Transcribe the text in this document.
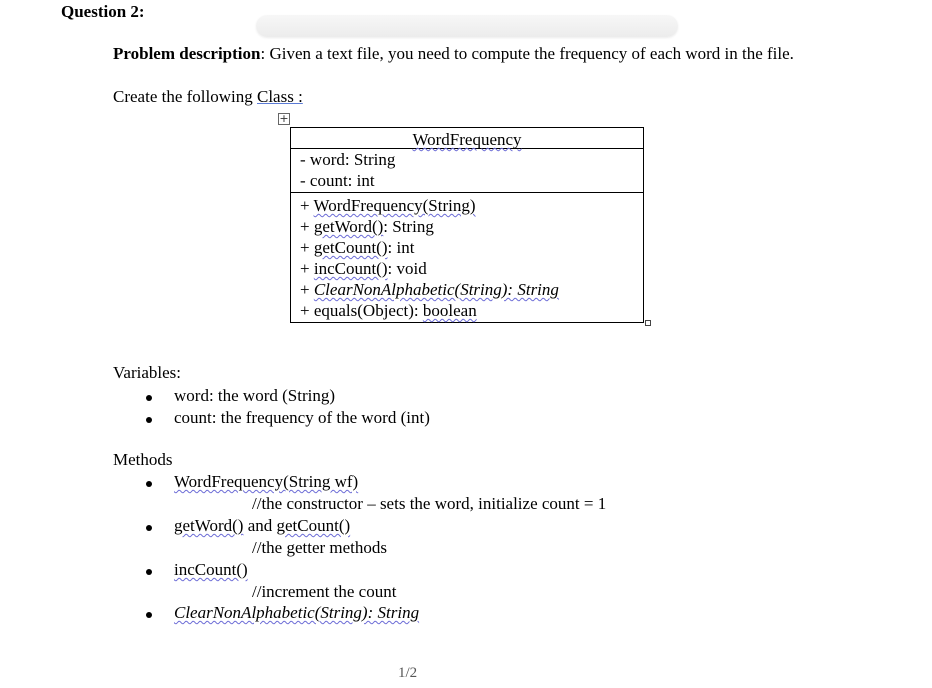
Question 2:
Problem description: Given a text file, you need to compute the frequency of each word in the file.
Create the following Class :
+
WordFrequency
- word: String
- count: int
+ WordFrequency(String)
+ getWord(): String
+ getCount(): int
+ incCount(): void
+ ClearNonAlphabetic(String): String
+ equals(Object): boolean
Variables:
word: the word (String)
count: the frequency of the word (int)
Methods
WordFrequency(String wf)
//the constructor – sets the word, initialize count = 1
getWord() and getCount()
//the getter methods
incCount()
//increment the count
ClearNonAlphabetic(String): String
1/2
